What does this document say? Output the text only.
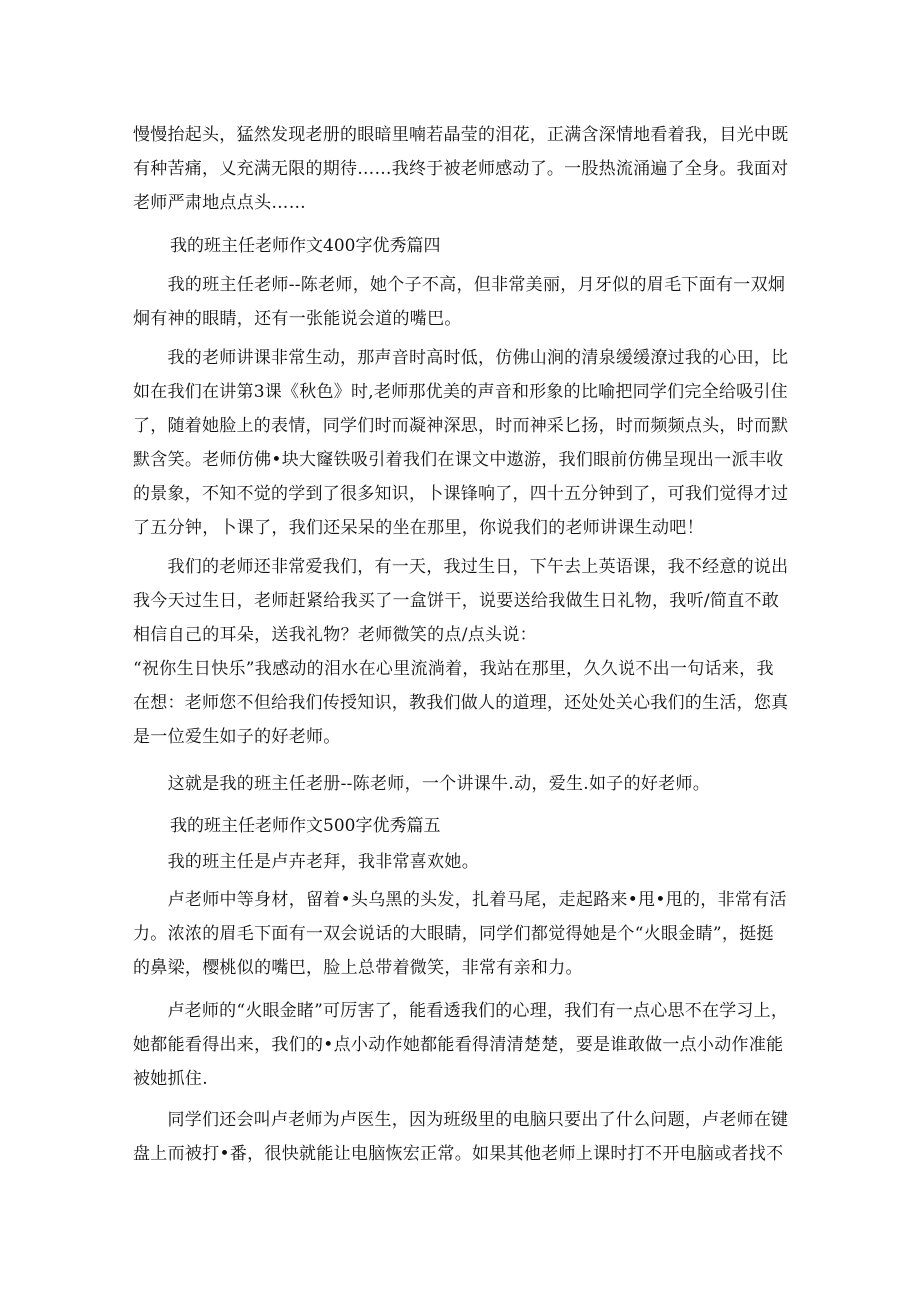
慢慢抬起头，猛然发现老册的眼暗里喃若晶莹的泪花，正满含深情地看着我，目光中既
有种苦痛，乂充满无限的期待……我终于被老师感动了。一股热流涌遍了全身。我面对
老师严肃地点点头……

我的班主任老师作文400字优秀篇四

　　我的班主任老师--陈老师，她个子不高，但非常美丽，月牙似的眉毛下面有一双炯
炯有神的眼睛，还有一张能说会道的嘴巴。

　　我的老师讲课非常生动，那声音时高时低，仿佛山涧的清泉缓缓潦过我的心田，比
如在我们在讲第3课《秋色》时,老师那优美的声音和形象的比喻把同学们完全给吸引住
了，随着她脸上的表情，同学们时而凝神深思，时而神采匕扬，时而频频点头，时而默
默含笑。老师仿佛•块大窿铁吸引着我们在课文中遨游，我们眼前仿佛呈现出一派丰收
的景象，不知不觉的学到了很多知识，卜课锋响了，四十五分钟到了，可我们觉得才过
了五分钟，卜课了，我们还呆呆的坐在那里，你说我们的老师讲课生动吧！

　　我们的老师还非常爱我们，有一天，我过生日，下午去上英语课，我不经意的说出
我今天过生日，老师赶紧给我买了一盒饼干，说要送给我做生日礼物，我听/简直不敢
相信自己的耳朵，送我礼物？老师微笑的点/点头说：
“祝你生日快乐”我感动的泪水在心里流淌着，我站在那里，久久说不出一句话来，我
在想：老师您不但给我们传授知识，教我们做人的道理，还处处关心我们的生活，您真
是一位爱生如子的好老师。

　　这就是我的班主任老册--陈老师，一个讲课牛.动，爱生.如子的好老师。

我的班主任老师作文500字优秀篇五

　　我的班主任是卢卉老拜，我非常喜欢她。

　　卢老师中等身材，留着•头乌黑的头发，扎着马尾，走起路来•甩•甩的，非常有活
力。浓浓的眉毛下面有一双会说话的大眼睛，同学们都觉得她是个“火眼金睛”，挺挺
的鼻梁，樱桃似的嘴巴，脸上总带着微笑，非常有亲和力。

　　卢老师的“火眼金睹”可厉害了，能看透我们的心理，我们有一点心思不在学习上，
她都能看得出来，我们的•点小动作她都能看得清清楚楚，要是谁敢做一点小动作准能
被她抓住.

　　同学们还会叫卢老师为卢医生，因为班级里的电脑只要出了什么问题，卢老师在键
盘上而被打•番，很快就能让电脑恢宏正常。如果其他老师上课时打不开电脑或者找不
